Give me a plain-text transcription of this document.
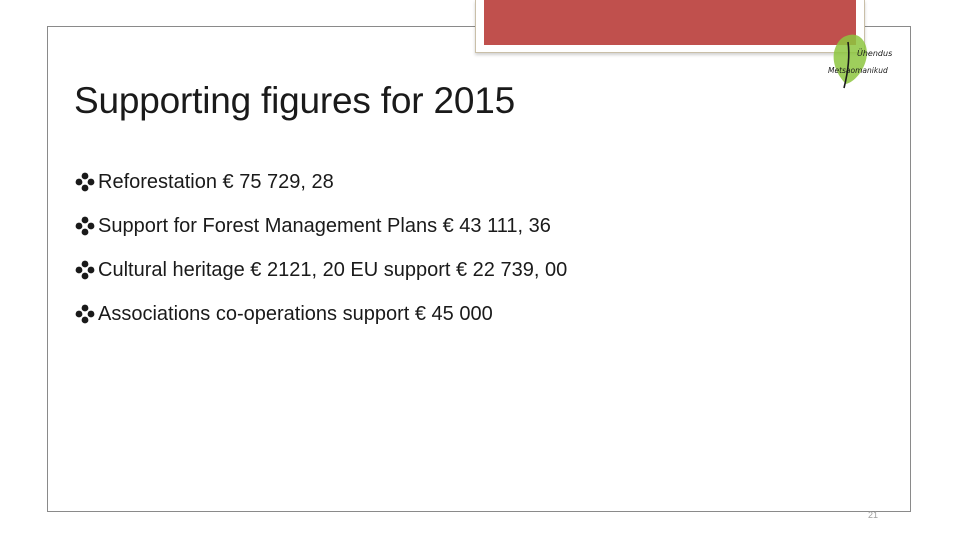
Ühendus
Metsaomanikud
Supporting figures for 2015
Reforestation € 75 729, 28
Support for Forest Management Plans € 43 111, 36
Cultural heritage € 2121, 20 EU support € 22 739, 00
Associations co-operations support € 45 000
21
